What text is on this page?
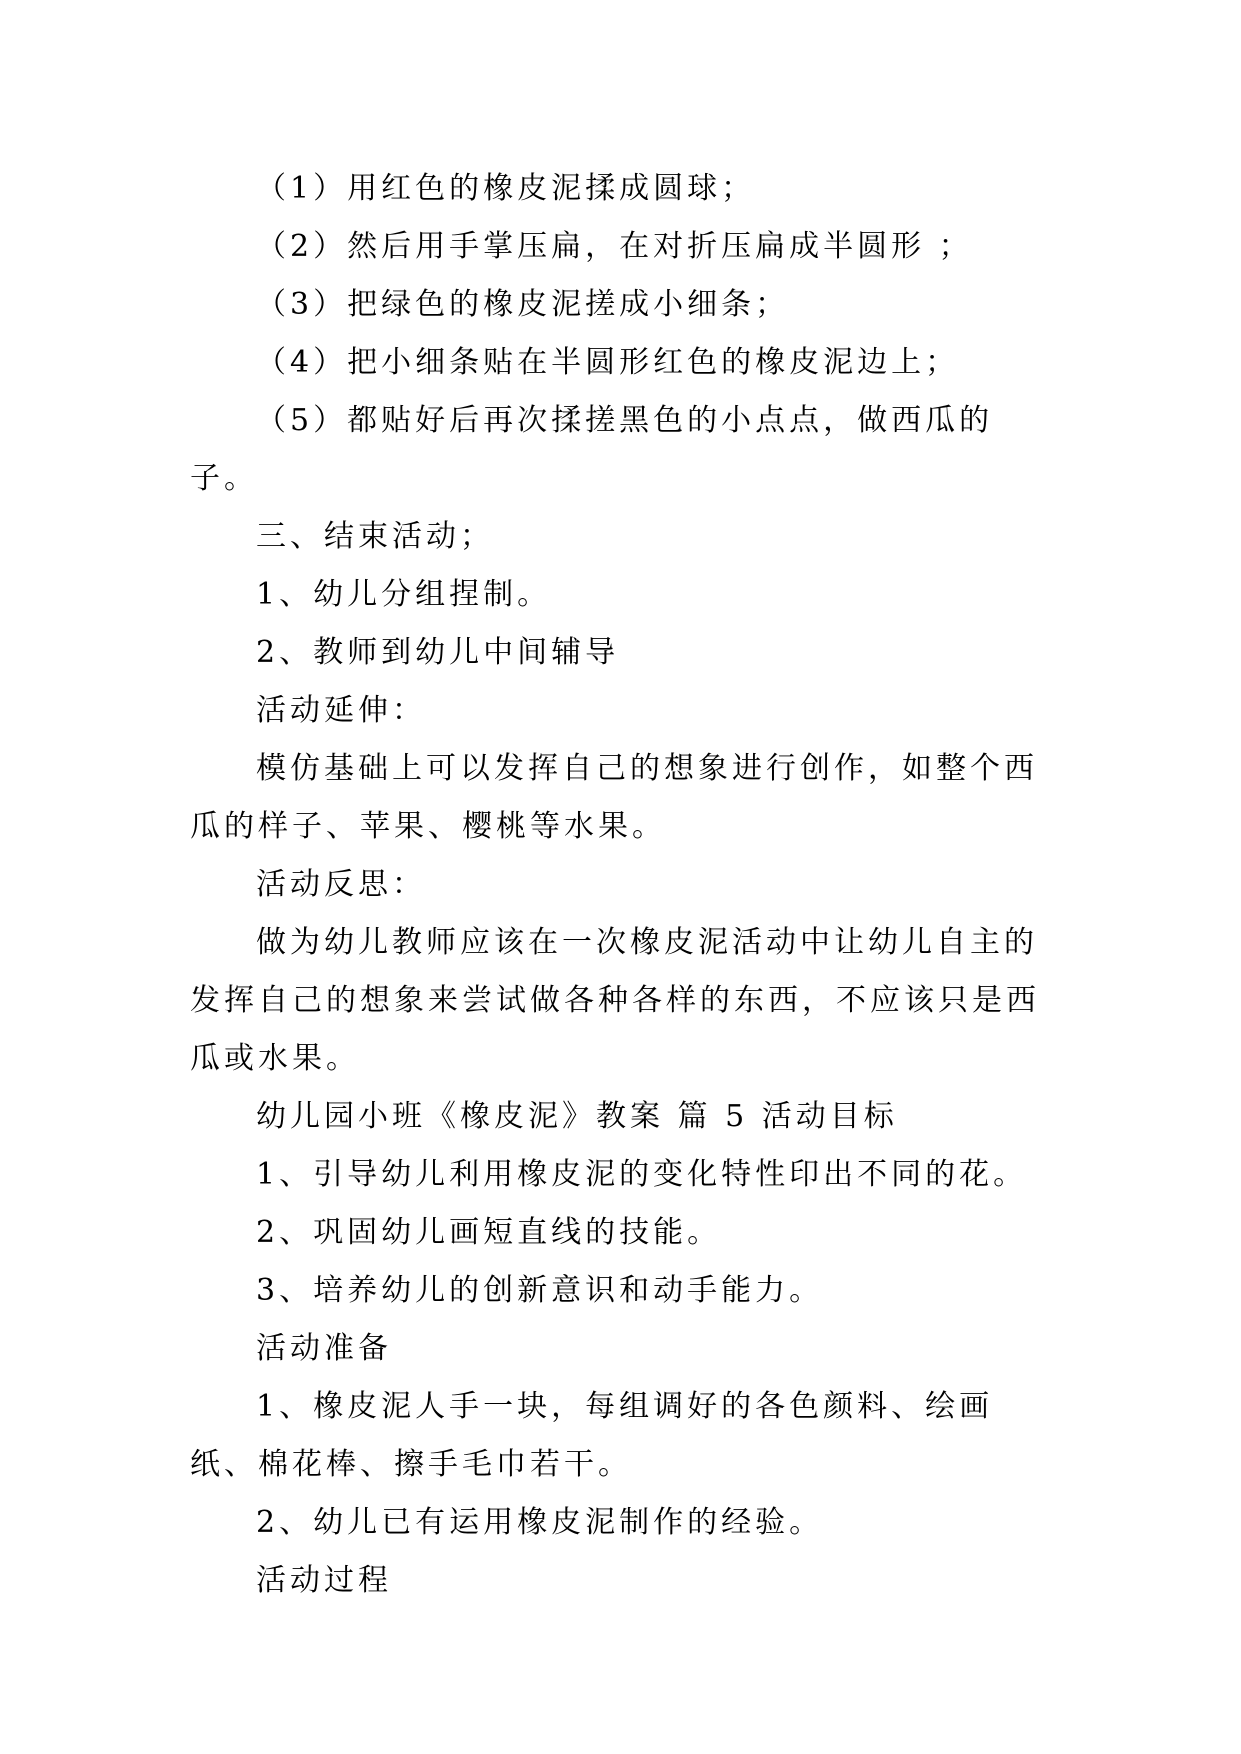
（1）用红色的橡皮泥揉成圆球；

（2）然后用手掌压扁，在对折压扁成半圆形 ；

（3）把绿色的橡皮泥搓成小细条；

（4）把小细条贴在半圆形红色的橡皮泥边上；

（5）都贴好后再次揉搓黑色的小点点，做西瓜的子。

三、结束活动；

1、幼儿分组捏制。

2、教师到幼儿中间辅导

活动延伸：

模仿基础上可以发挥自己的想象进行创作，如整个西瓜的样子、苹果、樱桃等水果。

活动反思：

做为幼儿教师应该在一次橡皮泥活动中让幼儿自主的发挥自己的想象来尝试做各种各样的东西，不应该只是西瓜或水果。

幼儿园小班《橡皮泥》教案 篇 5 活动目标

1、引导幼儿利用橡皮泥的变化特性印出不同的花。

2、巩固幼儿画短直线的技能。

3、培养幼儿的创新意识和动手能力。

活动准备

1、橡皮泥人手一块，每组调好的各色颜料、绘画纸、棉花棒、擦手毛巾若干。

2、幼儿已有运用橡皮泥制作的经验。

活动过程
